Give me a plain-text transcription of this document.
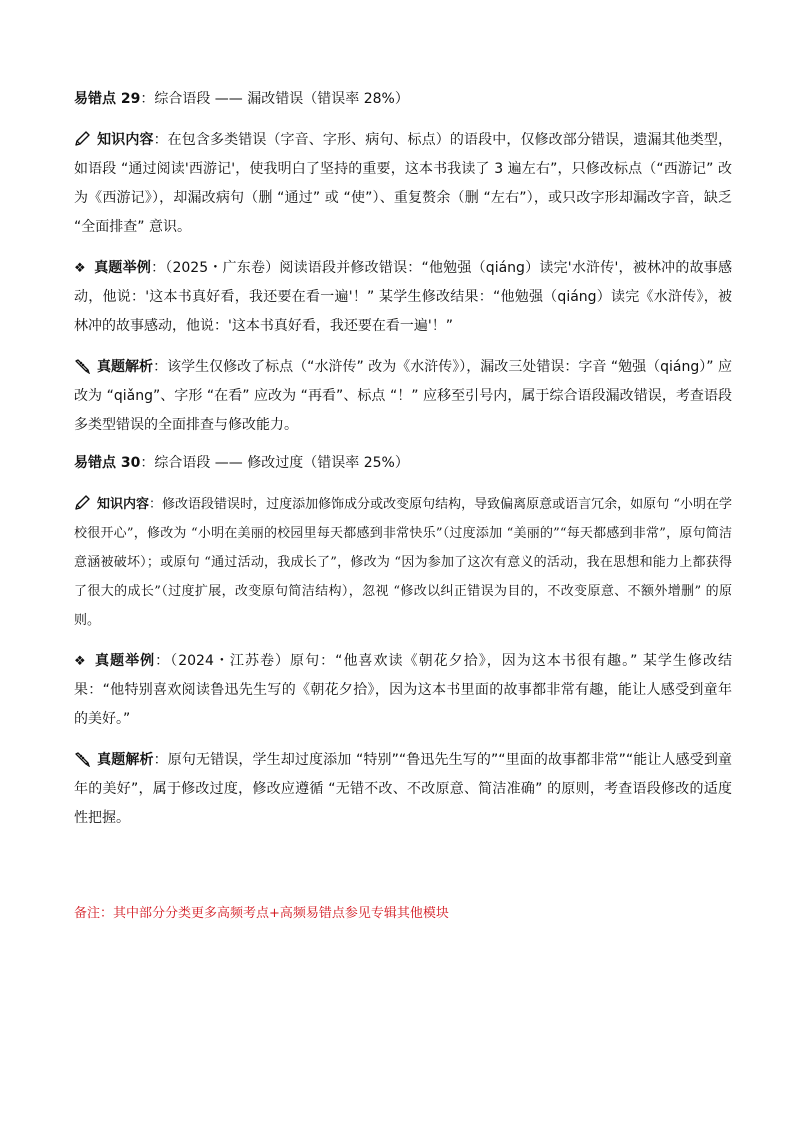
易错点 29：综合语段 —— 漏改错误（错误率 28%）

知识内容：在包含多类错误（字音、字形、病句、标点）的语段中，仅修改部分错误，遗漏其他类型，如语段 “通过阅读'西游记'，使我明白了坚持的重要，这本书我读了 3 遍左右”，只修改标点（“西游记” 改为《西游记》），却漏改病句（删 “通过” 或 “使”）、重复赘余（删 “左右”），或只改字形却漏改字音，缺乏 “全面排查” 意识。

❖ 真题举例：（2025・广东卷）阅读语段并修改错误：“他勉强（qiáng）读完'水浒传'，被林冲的故事感动，他说：'这本书真好看，我还要在看一遍'！” 某学生修改结果：“他勉强（qiáng）读完《水浒传》，被林冲的故事感动，他说：'这本书真好看，我还要在看一遍'！”

真题解析：该学生仅修改了标点（“水浒传” 改为《水浒传》），漏改三处错误：字音 “勉强（qiáng）” 应改为 “qiǎng”、字形 “在看” 应改为 “再看”、标点 “！” 应移至引号内，属于综合语段漏改错误，考查语段多类型错误的全面排查与修改能力。

易错点 30：综合语段 —— 修改过度（错误率 25%）

知识内容：修改语段错误时，过度添加修饰成分或改变原句结构，导致偏离原意或语言冗余，如原句 “小明在学校很开心”，修改为 “小明在美丽的校园里每天都感到非常快乐”（过度添加 “美丽的”“每天都感到非常”，原句简洁意涵被破坏）；或原句 “通过活动，我成长了”，修改为 “因为参加了这次有意义的活动，我在思想和能力上都获得了很大的成长”（过度扩展，改变原句简洁结构），忽视 “修改以纠正错误为目的，不改变原意、不额外增删” 的原则。

❖ 真题举例：（2024・江苏卷）原句：“他喜欢读《朝花夕拾》，因为这本书很有趣。” 某学生修改结果：“他特别喜欢阅读鲁迅先生写的《朝花夕拾》，因为这本书里面的故事都非常有趣，能让人感受到童年的美好。”

真题解析：原句无错误，学生却过度添加 “特别”“鲁迅先生写的”“里面的故事都非常”“能让人感受到童年的美好”，属于修改过度，修改应遵循 “无错不改、不改原意、简洁准确” 的原则，考查语段修改的适度性把握。

备注：其中部分分类更多高频考点+高频易错点参见专辑其他模块
